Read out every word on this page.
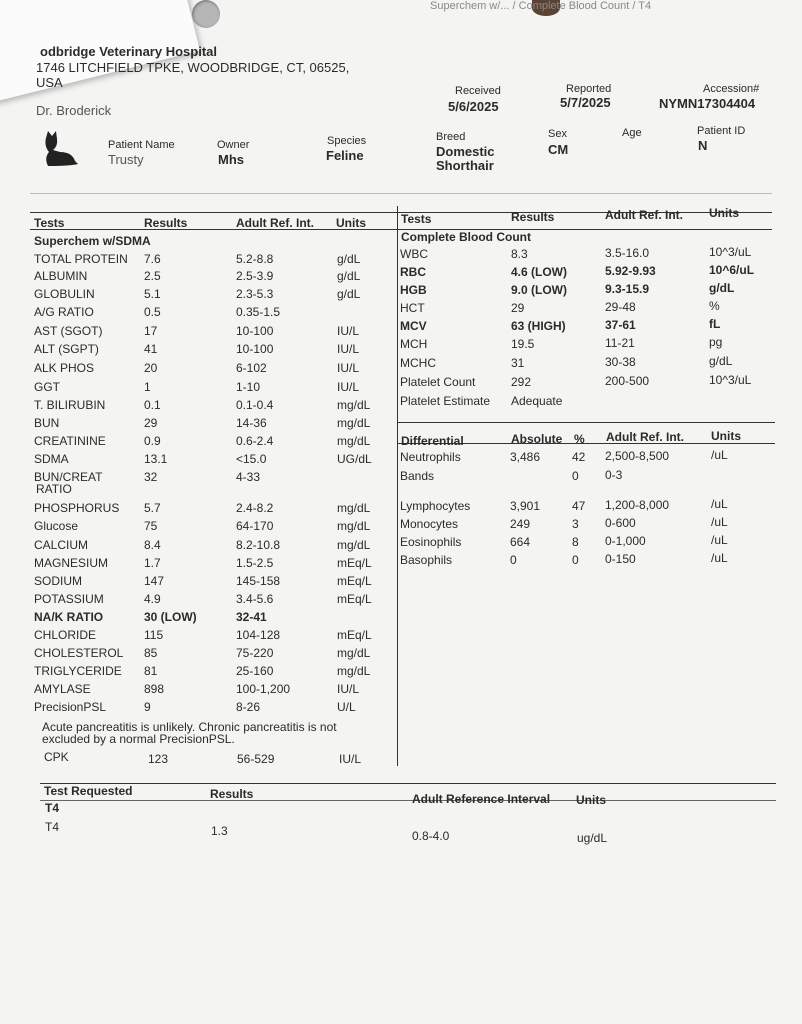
Superchem w/... / Complete Blood Count / T4
odbridge Veterinary Hospital
1746 LITCHFIELD TPKE, WOODBRIDGE, CT, 06525,
USA
Dr. Broderick
Received
5/6/2025
Reported
5/7/2025
Accession#
NYMN17304404
Patient Name
Trusty
Owner
Mhs
Species
Feline
Breed
Domestic
Shorthair
Sex
CM
Age	Patient ID
N
Tests	Results	Adult Ref. Int. Units
Superchem w/SDMA
TOTAL PROTEIN 7.6	5.2-8.8	g/dL
ALBUMIN	2.5	2.5-3.9	g/dL
GLOBULIN	5.1	2.3-5.3	g/dL
A/G RATIO	0.5	0.35-1.5
AST (SGOT)	17	10-100	IU/L
ALT (SGPT)	41	10-100	IU/L
ALK PHOS	20	6-102	IU/L
GGT	1	1-10	IU/L
T. BILIRUBIN	0.1	0.1-0.4	mg/dL
BUN	29	14-36	mg/dL
CREATININE	0.9	0.6-2.4	mg/dL
SDMA	13.1	<15.0	UG/dL
BUN/CREAT
RATIO
32	4-33
PHOSPHORUS 5.7	2.4-8.2	mg/dL
Glucose	75	64-170	mg/dL
CALCIUM	8.4	8.2-10.8	mg/dL
MAGNESIUM	1.7	1.5-2.5	mEq/L
SODIUM	147	145-158	mEq/L
POTASSIUM	4.9	3.4-5.6	mEq/L
NA/K RATIO	30 (LOW)	32-41
CHLORIDE	115	104-128	mEq/L
CHOLESTEROL 85	75-220	mg/dL
TRIGLYCERIDE 81	25-160	mg/dL
AMYLASE	898	100-1,200	IU/L
PrecisionPSL	9	8-26	U/L
Acute pancreatitis is unlikely. Chronic pancreatitis is not
excluded by a normal PrecisionPSL.
CPK	123	56-529	IU/L
Tests	Results	Adult Ref. Int. Units
Complete Blood Count
WBC	8.3	3.5-16.0	10^3/uL
RBC	4.6 (LOW)	5.92-9.93	10^6/uL
HGB	9.0 (LOW)	9.3-15.9	g/dL
HCT	29	29-48	%
MCV	63 (HIGH)	37-61	fL
MCH	19.5	11-21	pg
MCHC	31	30-38	g/dL
Platelet Count	292	200-500	10^3/uL
Platelet Estimate Adequate
Differential	Absolute % Adult Ref. Int. Units
Neutrophils	3,486	42 2,500-8,500	/uL
Bands	0 0-3
Lymphocytes	3,901	47 1,200-8,000	/uL
Monocytes	249	3 0-600	/uL
Eosinophils	664	8 0-1,000	/uL
Basophils	0	0 0-150	/uL
Test Requested	Results	Adult Reference Interval Units
T4
T4	1.3	0.8-4.0	ug/dL
